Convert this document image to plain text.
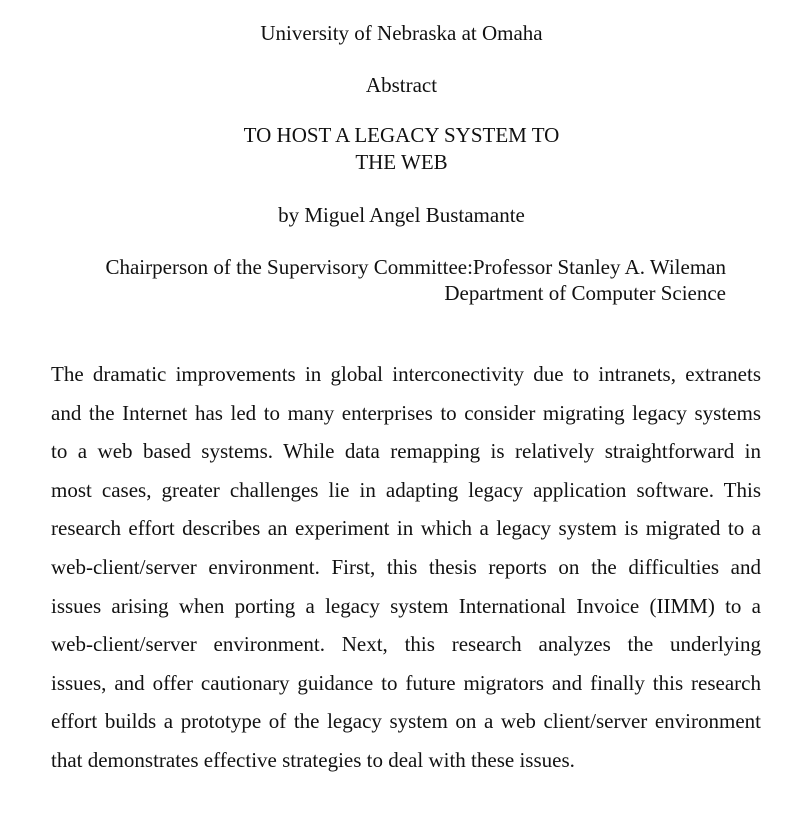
University of Nebraska at Omaha
Abstract
TO HOST A LEGACY SYSTEM TO
THE WEB
by Miguel Angel Bustamante
Chairperson of the Supervisory Committee:Professor Stanley A. Wileman
Department of Computer Science
The dramatic improvements in global interconectivity due to intranets, extranets
and the Internet has led to many enterprises to consider migrating legacy systems
to a web based systems. While data remapping is relatively straightforward in
most cases, greater challenges lie in adapting legacy application software. This
research effort describes an experiment in which a legacy system is migrated to a
web-client/server environment. First, this thesis reports on the difficulties and
issues arising when porting a legacy system International Invoice (IIMM) to a
web-client/server environment. Next, this research analyzes the underlying
issues, and offer cautionary guidance to future migrators and finally this research
effort builds a prototype of the legacy system on a web client/server environment
that demonstrates effective strategies to deal with these issues.
